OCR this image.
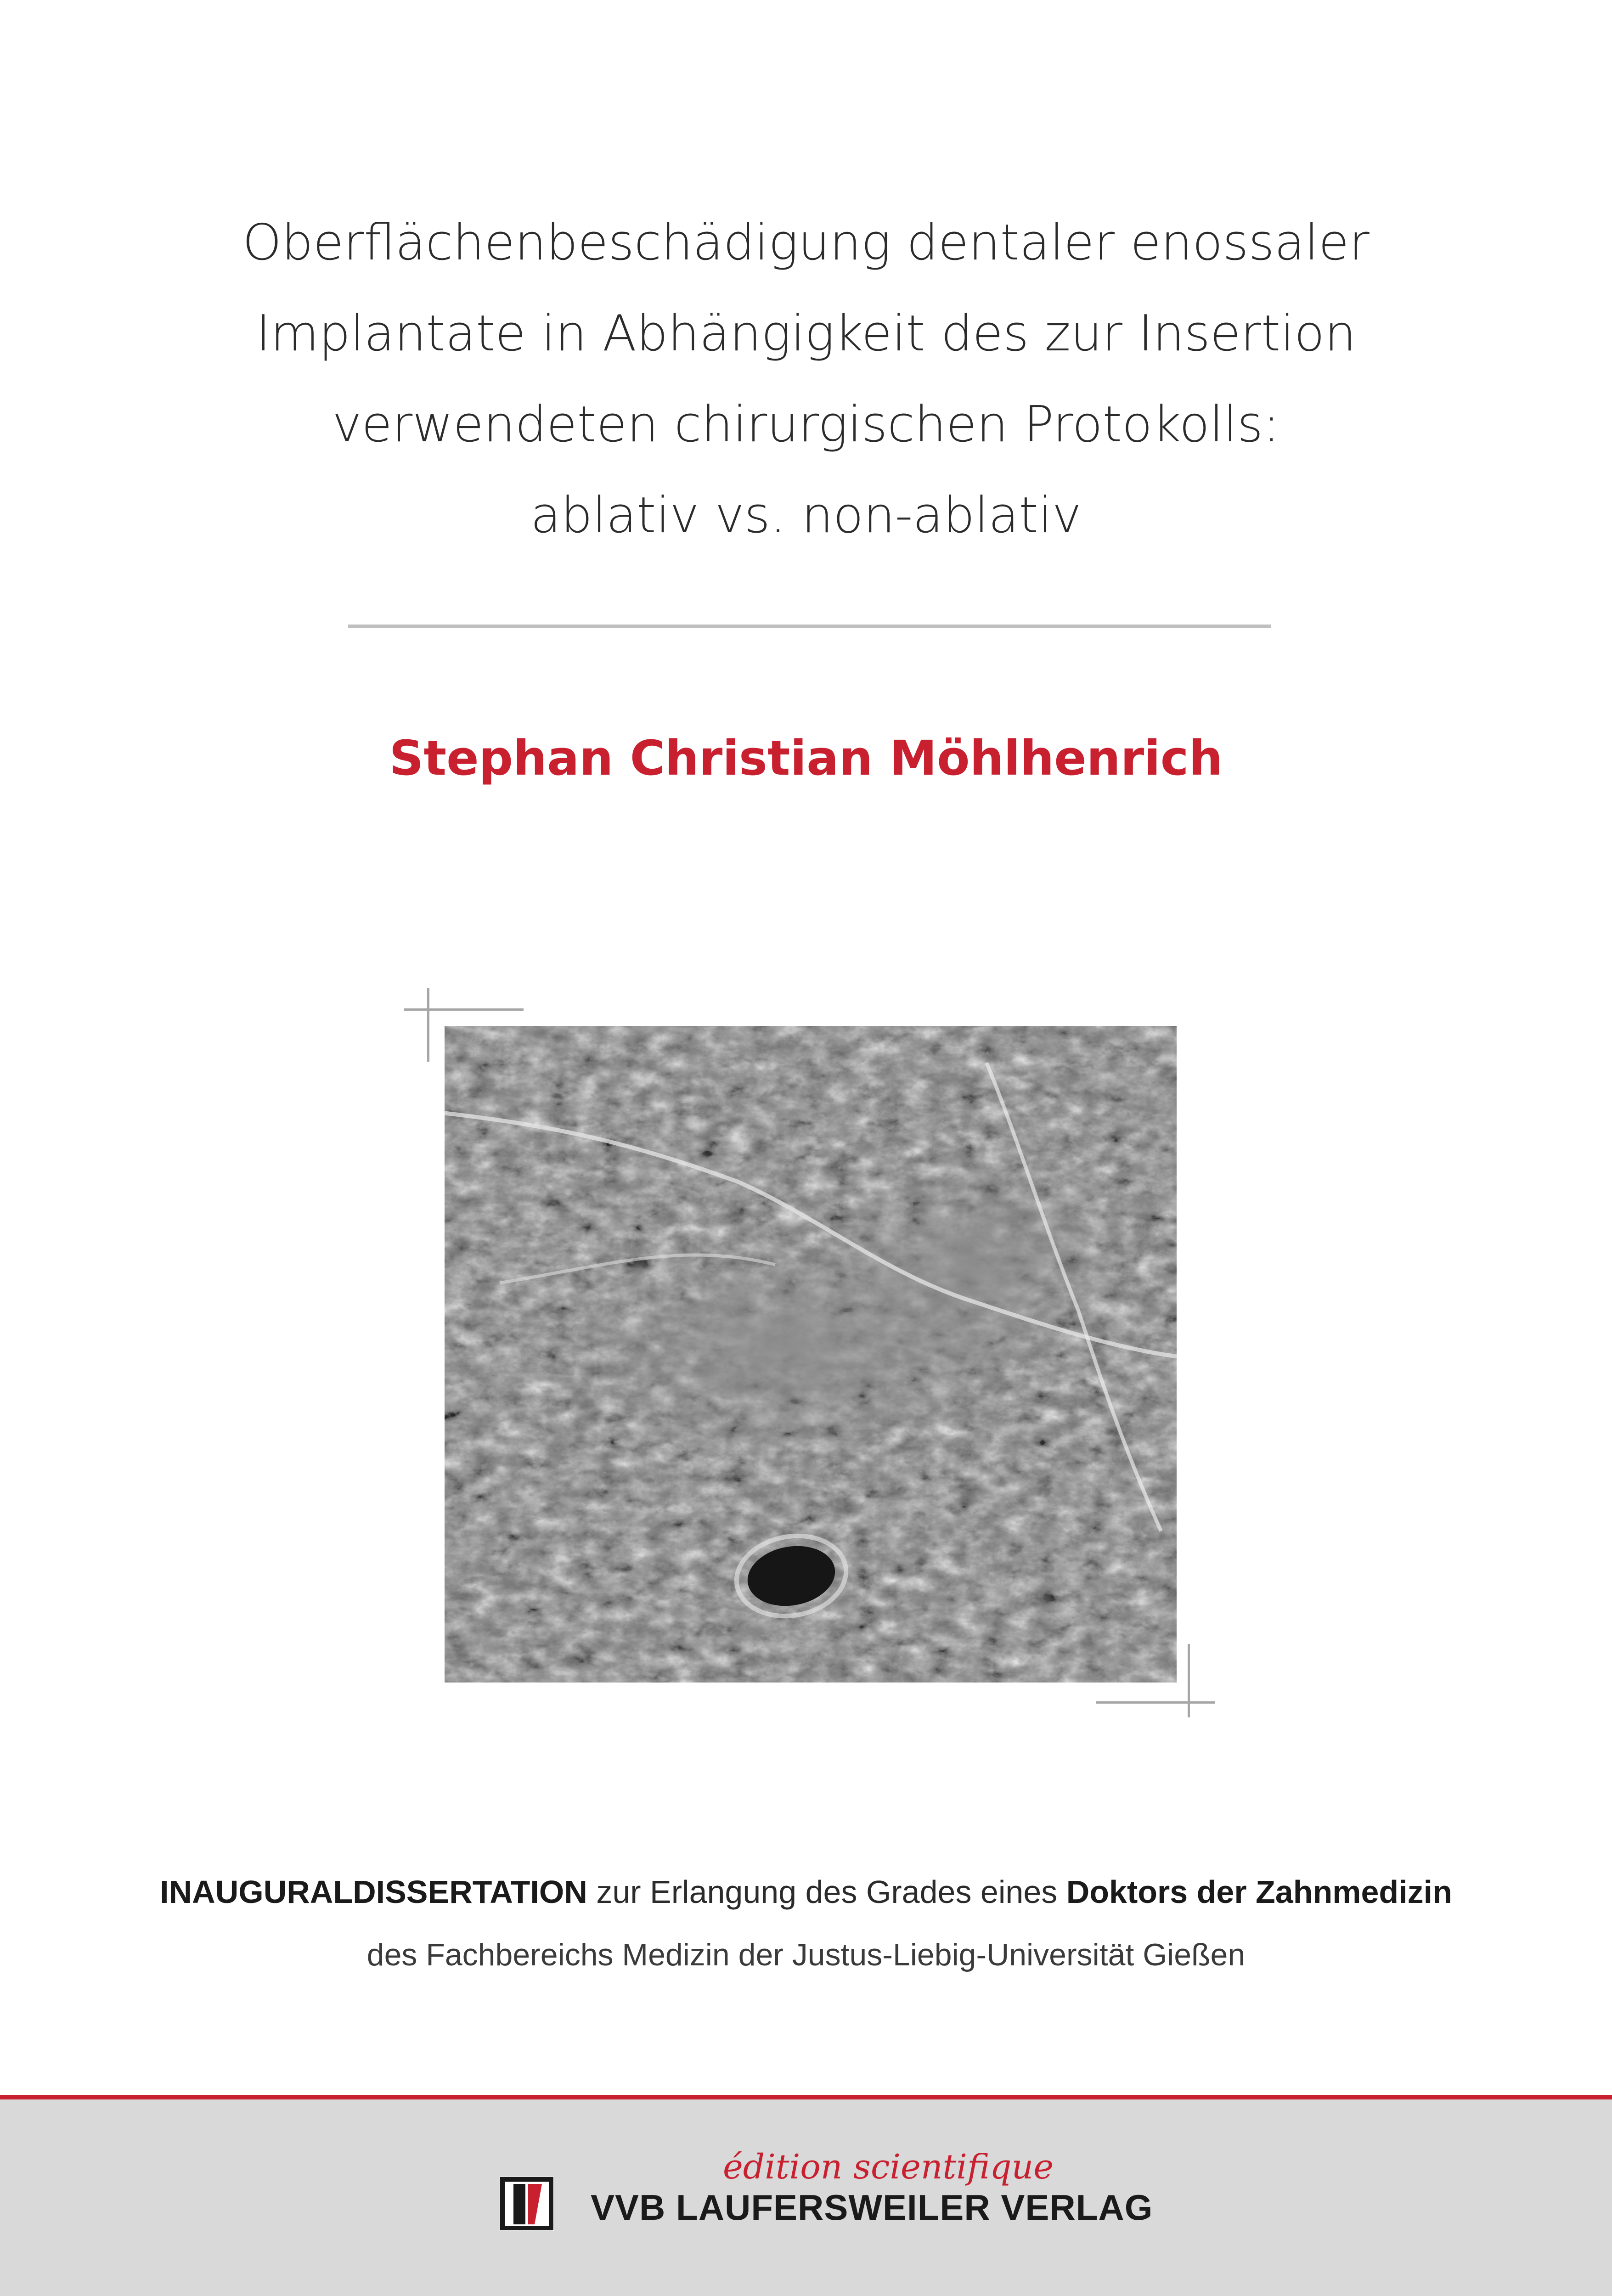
Oberflächenbeschädigung dentaler enossaler
Implantate in Abhängigkeit des zur Insertion
verwendeten chirurgischen Protokolls:
ablativ vs. non-ablativ
Stephan Christian Möhlhenrich
INAUGURALDISSERTATION zur Erlangung des Grades eines Doktors der Zahnmedizin
des Fachbereichs Medizin der Justus-Liebig-Universität Gießen
édition scientifique
VVB LAUFERSWEILER VERLAG
